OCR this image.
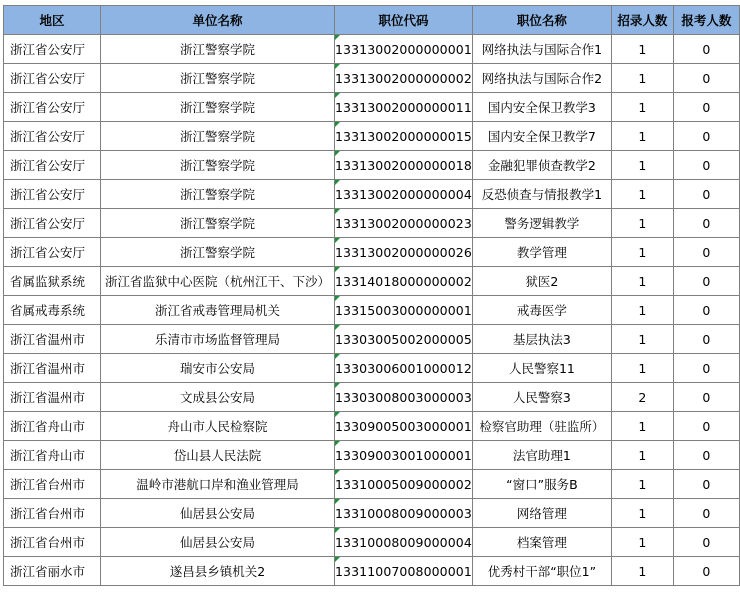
地区	单位名称	职位代码	职位名称	招录人数	报考人数
浙江省公安厅	浙江警察学院	13313002000000001	网络执法与国际合作1	1	0
浙江省公安厅	浙江警察学院	13313002000000002	网络执法与国际合作2	1	0
浙江省公安厅	浙江警察学院	13313002000000011	国内安全保卫教学3	1	0
浙江省公安厅	浙江警察学院	13313002000000015	国内安全保卫教学7	1	0
浙江省公安厅	浙江警察学院	13313002000000018	金融犯罪侦查教学2	1	0
浙江省公安厅	浙江警察学院	13313002000000004	反恐侦查与情报教学1	1	0
浙江省公安厅	浙江警察学院	13313002000000023	警务逻辑教学	1	0
浙江省公安厅	浙江警察学院	13313002000000026	教学管理	1	0
省属监狱系统	浙江省监狱中心医院（杭州江干、下沙）	13314018000000002	狱医2	1	0
省属戒毒系统	浙江省戒毒管理局机关	13315003000000001	戒毒医学	1	0
浙江省温州市	乐清市市场监督管理局	13303005002000005	基层执法3	1	0
浙江省温州市	瑞安市公安局	13303006001000012	人民警察11	1	0
浙江省温州市	文成县公安局	13303008003000003	人民警察3	2	0
浙江省舟山市	舟山市人民检察院	13309005003000001	检察官助理（驻监所）	1	0
浙江省舟山市	岱山县人民法院	13309003001000001	法官助理1	1	0
浙江省台州市	温岭市港航口岸和渔业管理局	13310005009000002	“窗口”服务B	1	0
浙江省台州市	仙居县公安局	13310008009000003	网络管理	1	0
浙江省台州市	仙居县公安局	13310008009000004	档案管理	1	0
浙江省丽水市	遂昌县乡镇机关2	13311007008000001	优秀村干部“职位1”	1	0
